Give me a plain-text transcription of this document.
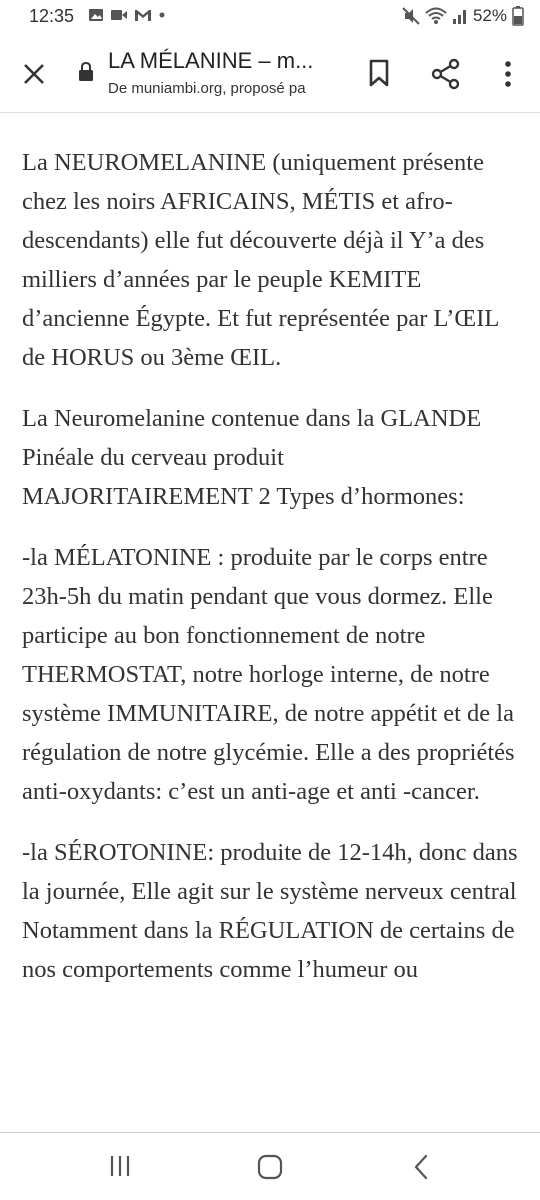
12:35	52%
LA MÉLANINE – m...
De muniambi.org, proposé pa

La NEUROMELANINE (uniquement présente chez les noirs AFRICAINS, MÉTIS et afro-descendants) elle fut découverte déjà il Y’a des milliers d’années par le peuple KEMITE d’ancienne Égypte. Et fut représentée par L’ŒIL de HORUS ou 3ème ŒIL.

La Neuromelanine contenue dans la GLANDE Pinéale du cerveau produit MAJORITAIREMENT 2 Types d’hormones:

-la MÉLATONINE : produite par le corps entre 23h-5h du matin pendant que vous dormez. Elle participe au bon fonctionnement de notre THERMOSTAT, notre horloge interne, de notre système IMMUNITAIRE, de notre appétit et de la régulation de notre glycémie. Elle a des propriétés anti-oxydants: c’est un anti-age et anti -cancer.

-la SÉROTONINE: produite de 12-14h, donc dans la journée, Elle agit sur le système nerveux central Notamment dans la RÉGULATION de certains de nos comportements comme l’humeur ou
